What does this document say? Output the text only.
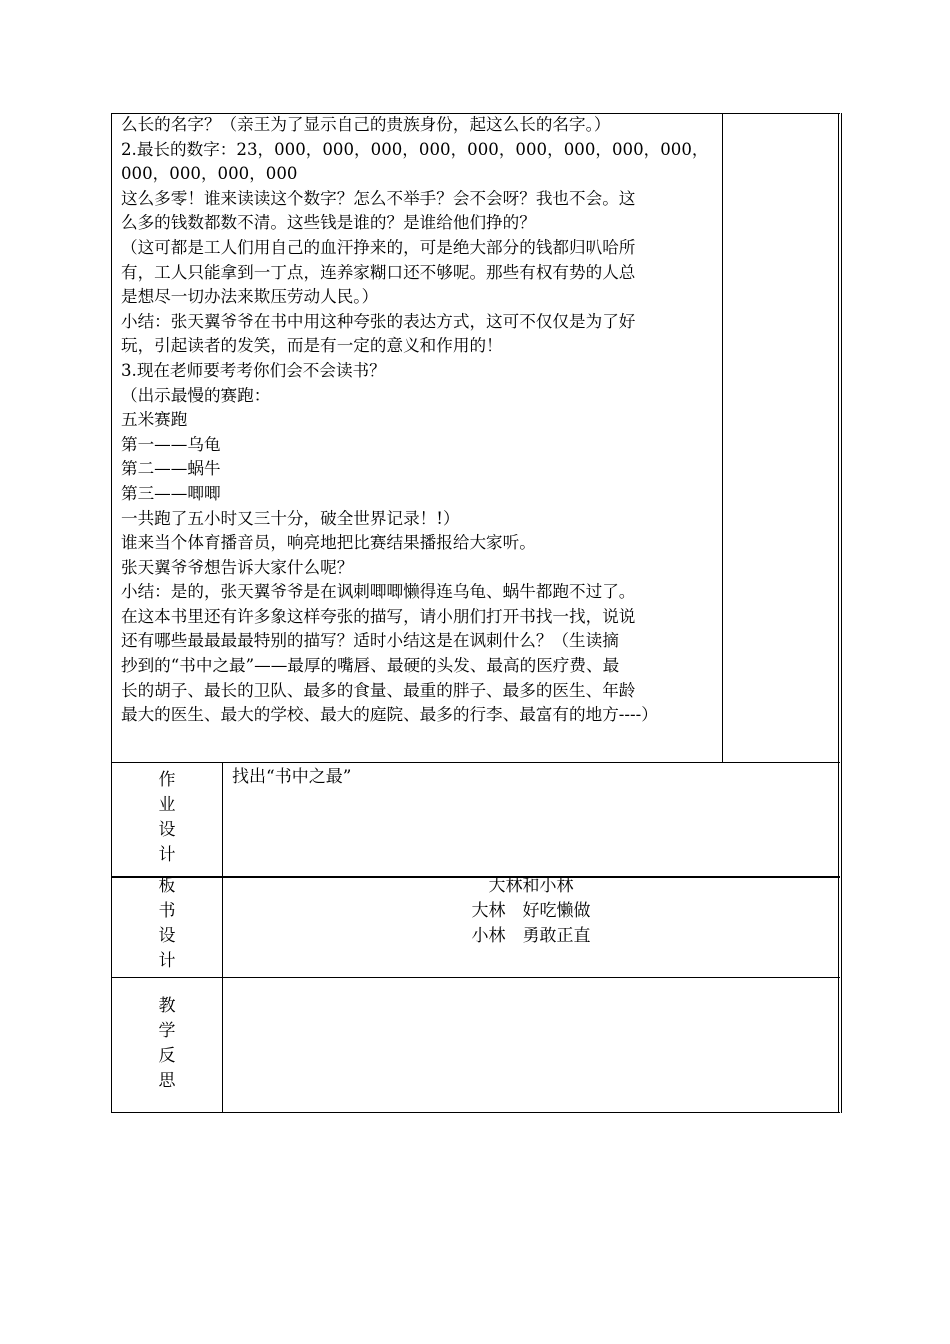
么长的名字？（亲王为了显示自己的贵族身份，起这么长的名字。）
2.最长的数字：23，000，000，000，000，000，000，000，000，000，
000，000，000，000
这么多零！谁来读读这个数字？怎么不举手？会不会呀？我也不会。这
么多的钱数都数不清。这些钱是谁的？是谁给他们挣的？
（这可都是工人们用自己的血汗挣来的，可是绝大部分的钱都归叭哈所
有，工人只能拿到一丁点，连养家糊口还不够呢。那些有权有势的人总
是想尽一切办法来欺压劳动人民。）
小结：张天翼爷爷在书中用这种夸张的表达方式，这可不仅仅是为了好
玩，引起读者的发笑，而是有一定的意义和作用的！
3.现在老师要考考你们会不会读书？
（出示最慢的赛跑：
五米赛跑
第一——乌龟
第二——蜗牛
第三——唧唧
一共跑了五小时又三十分，破全世界记录！!）
谁来当个体育播音员，响亮地把比赛结果播报给大家听。
张天翼爷爷想告诉大家什么呢？
小结：是的，张天翼爷爷是在讽刺唧唧懒得连乌龟、蜗牛都跑不过了。
在这本书里还有许多象这样夸张的描写，请小朋们打开书找一找，说说
还有哪些最最最最特别的描写？适时小结这是在讽刺什么？（生读摘
抄到的“书中之最”——最厚的嘴唇、最硬的头发、最高的医疗费、最
长的胡子、最长的卫队、最多的食量、最重的胖子、最多的医生、年龄
最大的医生、最大的学校、最大的庭院、最多的行李、最富有的地方----）
作
业
设
计
找出“书中之最”
板
书
设
计
大林和小林
大林　好吃懒做
小林　勇敢正直
教
学
反
思
